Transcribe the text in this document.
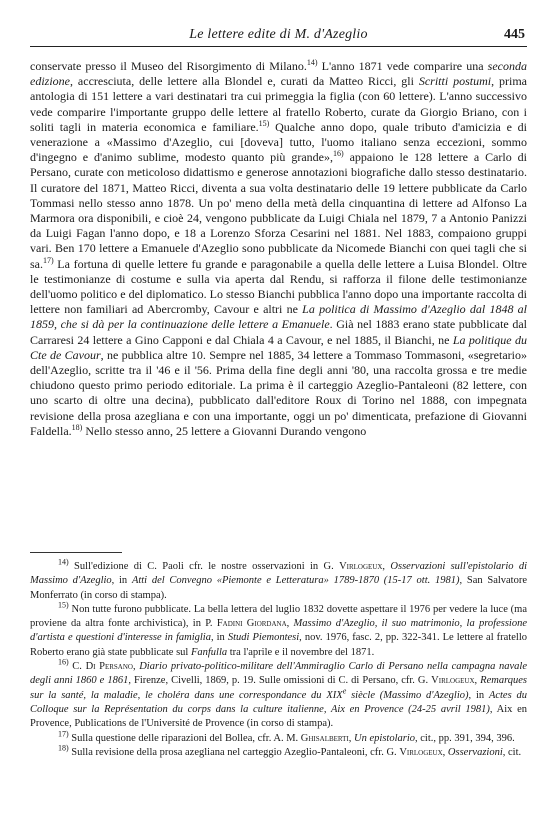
Le lettere edite di M. d'Azeglio	445

conservate presso il Museo del Risorgimento di Milano.$^{14)}$ L'anno 1871 vede comparire una seconda edizione, accresciuta, delle lettere alla Blondel e, curati da Matteo Ricci, gli Scritti postumi, prima antologia di 151 lettere a vari destinatari tra cui primeggia la figlia (con 60 lettere). L'anno successivo vede comparire l'importante gruppo delle lettere al fratello Roberto, curate da Giorgio Briano, con i soliti tagli in materia economica e familiare.$^{15)}$ Qualche anno dopo, quale tributo d'amicizia e di venerazione a «Massimo d'Azeglio, cui [doveva] tutto, l'uomo italiano senza eccezioni, sommo d'ingegno e d'animo sublime, modesto quanto più grande»,$^{16)}$ appaiono le 128 lettere a Carlo di Persano, curate con meticoloso didattismo e generose annotazioni biografiche dallo stesso destinatario. Il curatore del 1871, Matteo Ricci, diventa a sua volta destinatario delle 19 lettere pubblicate da Carlo Tommasi nello stesso anno 1878. Un po' meno della metà della cinquantina di lettere ad Alfonso La Marmora ora disponibili, e cioè 24, vengono pubblicate da Luigi Chiala nel 1879, 7 a Antonio Panizzi da Luigi Fagan l'anno dopo, e 18 a Lorenzo Sforza Cesarini nel 1881. Nel 1883, compaiono gruppi vari. Ben 170 lettere a Emanuele d'Azeglio sono pubblicate da Nicomede Bianchi con quei tagli che si sa.$^{17)}$ La fortuna di quelle lettere fu grande e paragonabile a quella delle lettere a Luisa Blondel. Oltre le testimonianze di costume e sulla via aperta dal Rendu, si rafforza il filone delle testimonianze dell'uomo politico e del diplomatico. Lo stesso Bianchi pubblica l'anno dopo una importante raccolta di lettere non familiari ad Abercromby, Cavour e altri ne La politica di Massimo d'Azeglio dal 1848 al 1859, che si dà per la continuazione delle lettere a Emanuele. Già nel 1883 erano state pubblicate dal Carraresi 24 lettere a Gino Capponi e dal Chiala 4 a Cavour, e nel 1885, il Bianchi, ne La politique du Cte de Cavour, ne pubblica altre 10. Sempre nel 1885, 34 lettere a Tommaso Tommasoni, «segretario» dell'Azeglio, scritte tra il '46 e il '56. Prima della fine degli anni '80, una raccolta grossa e tre medie chiudono questo primo periodo editoriale. La prima è il carteggio Azeglio-Pantaleoni (82 lettere, con uno scarto di oltre una decina), pubblicato dall'editore Roux di Torino nel 1888, con impegnata revisione della prosa azegliana e con una importante, oggi un po' dimenticata, prefazione di Giovanni Faldella.$^{18)}$ Nello stesso anno, 25 lettere a Giovanni Durando vengono

$^{14)}$ Sull'edizione di C. Paoli cfr. le nostre osservazioni in G. Virlogeux, Osservazioni sull'epistolario di Massimo d'Azeglio, in Atti del Convegno «Piemonte e Letteratura» 1789-1870 (15-17 ott. 1981), San Salvatore Monferrato (in corso di stampa).

$^{15)}$ Non tutte furono pubblicate. La bella lettera del luglio 1832 dovette aspettare il 1976 per vedere la luce (ma proviene da altra fonte archivistica), in P. Fadini Giordana, Massimo d'Azeglio, il suo matrimonio, la professione d'artista e questioni d'interesse in famiglia, in Studi Piemontesi, nov. 1976, fasc. 2, pp. 322-341. Le lettere al fratello Roberto erano già state pubblicate sul Fanfulla tra l'aprile e il novembre del 1871.

$^{16)}$ C. Di Persano, Diario privato-politico-militare dell'Ammiraglio Carlo di Persano nella campagna navale degli anni 1860 e 1861, Firenze, Civelli, 1869, p. 19. Sulle omissioni di C. di Persano, cfr. G. Virlogeux, Remarques sur la santé, la maladie, le choléra dans une correspondance du XIXe siècle (Massimo d'Azeglio), in Actes du Colloque sur la Représentation du corps dans la culture italienne, Aix en Provence (24-25 avril 1981), Aix en Provence, Publications de l'Université de Provence (in corso di stampa).

$^{17)}$ Sulla questione delle riparazioni del Bollea, cfr. A. M. Ghisalberti, Un epistolario, cit., pp. 391, 394, 396.

$^{18)}$ Sulla revisione della prosa azegliana nel carteggio Azeglio-Pantaleoni, cfr. G. Virlogeux, Osservazioni, cit.
